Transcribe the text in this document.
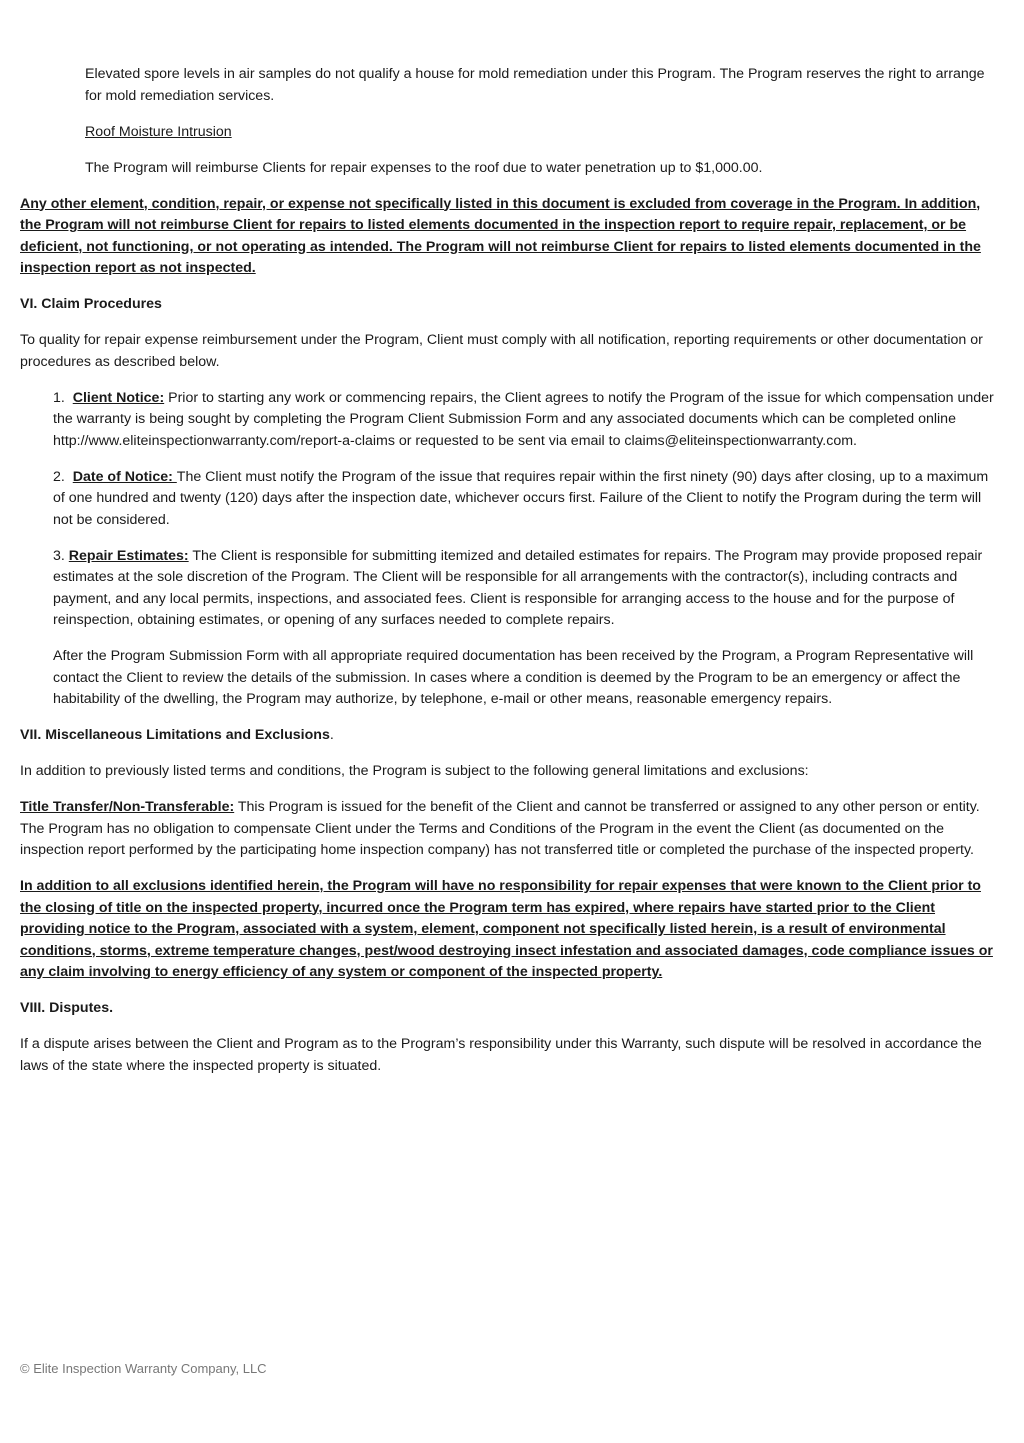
Elevated spore levels in air samples do not qualify a house for mold remediation under this Program. The Program reserves the right to arrange for mold remediation services.

Roof Moisture Intrusion

The Program will reimburse Clients for repair expenses to the roof due to water penetration up to $1,000.00.

Any other element, condition, repair, or expense not specifically listed in this document is excluded from coverage in the Program. In addition, the Program will not reimburse Client for repairs to listed elements documented in the inspection report to require repair, replacement, or be deficient, not functioning, or not operating as intended. The Program will not reimburse Client for repairs to listed elements documented in the inspection report as not inspected.

VI. Claim Procedures

To quality for repair expense reimbursement under the Program, Client must comply with all notification, reporting requirements or other documentation or procedures as described below.

1. Client Notice: Prior to starting any work or commencing repairs, the Client agrees to notify the Program of the issue for which compensation under the warranty is being sought by completing the Program Client Submission Form and any associated documents which can be completed online http://www.eliteinspectionwarranty.com/report-a-claims or requested to be sent via email to claims@eliteinspectionwarranty.com.

2. Date of Notice: The Client must notify the Program of the issue that requires repair within the first ninety (90) days after closing, up to a maximum of one hundred and twenty (120) days after the inspection date, whichever occurs first. Failure of the Client to notify the Program during the term will not be considered.

3. Repair Estimates: The Client is responsible for submitting itemized and detailed estimates for repairs. The Program may provide proposed repair estimates at the sole discretion of the Program. The Client will be responsible for all arrangements with the contractor(s), including contracts and payment, and any local permits, inspections, and associated fees. Client is responsible for arranging access to the house and for the purpose of reinspection, obtaining estimates, or opening of any surfaces needed to complete repairs.

After the Program Submission Form with all appropriate required documentation has been received by the Program, a Program Representative will contact the Client to review the details of the submission. In cases where a condition is deemed by the Program to be an emergency or affect the habitability of the dwelling, the Program may authorize, by telephone, e-mail or other means, reasonable emergency repairs.

VII. Miscellaneous Limitations and Exclusions.

In addition to previously listed terms and conditions, the Program is subject to the following general limitations and exclusions:

Title Transfer/Non-Transferable: This Program is issued for the benefit of the Client and cannot be transferred or assigned to any other person or entity. The Program has no obligation to compensate Client under the Terms and Conditions of the Program in the event the Client (as documented on the inspection report performed by the participating home inspection company) has not transferred title or completed the purchase of the inspected property.

In addition to all exclusions identified herein, the Program will have no responsibility for repair expenses that were known to the Client prior to the closing of title on the inspected property, incurred once the Program term has expired, where repairs have started prior to the Client providing notice to the Program, associated with a system, element, component not specifically listed herein, is a result of environmental conditions, storms, extreme temperature changes, pest/wood destroying insect infestation and associated damages, code compliance issues or any claim involving to energy efficiency of any system or component of the inspected property.

VIII. Disputes.

If a dispute arises between the Client and Program as to the Program’s responsibility under this Warranty, such dispute will be resolved in accordance the laws of the state where the inspected property is situated.

© Elite Inspection Warranty Company, LLC
